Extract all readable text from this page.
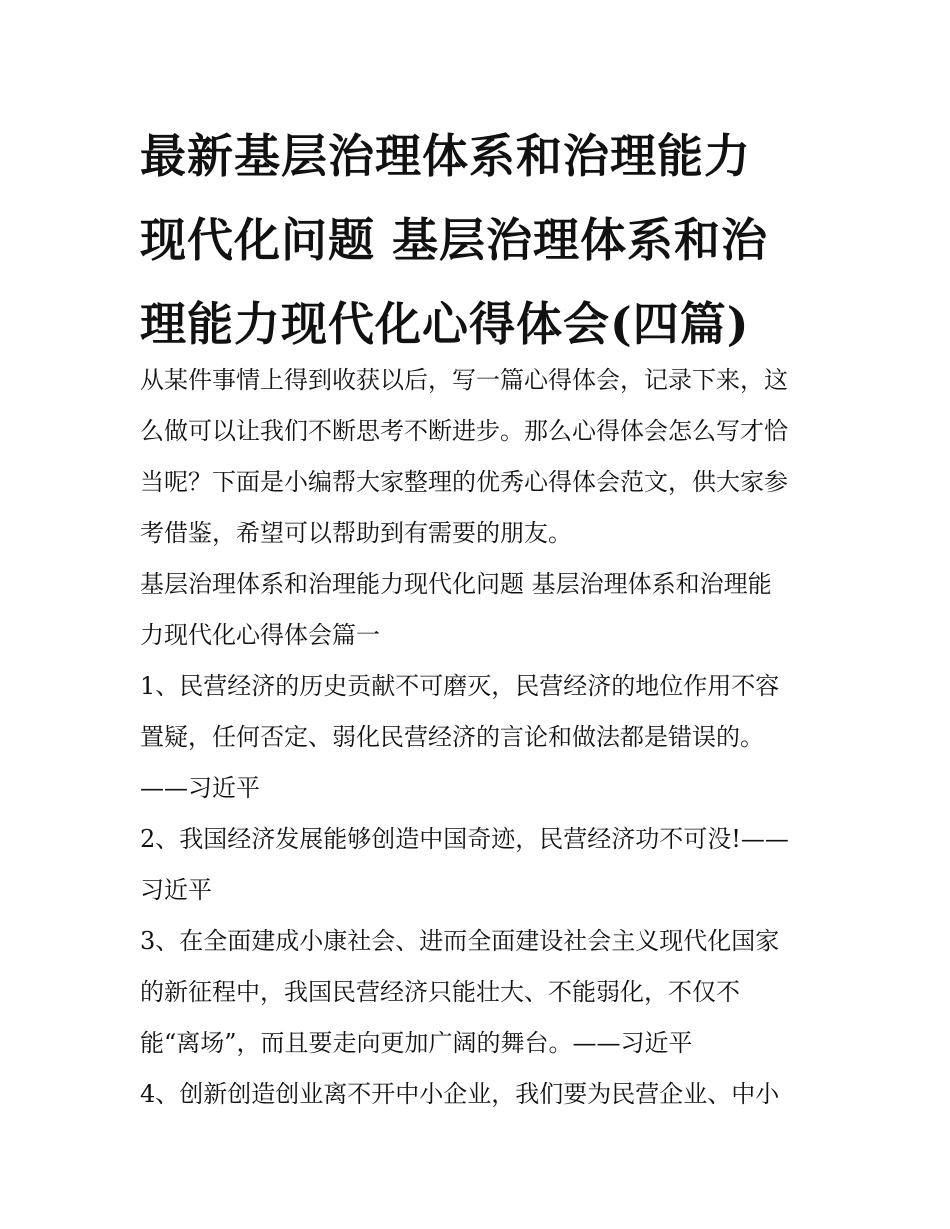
最新基层治理体系和治理能力
现代化问题 基层治理体系和治
理能力现代化心得体会(四篇)
从某件事情上得到收获以后，写一篇心得体会，记录下来，这
么做可以让我们不断思考不断进步。那么心得体会怎么写才恰
当呢？下面是小编帮大家整理的优秀心得体会范文，供大家参
考借鉴，希望可以帮助到有需要的朋友。
基层治理体系和治理能力现代化问题 基层治理体系和治理能
力现代化心得体会篇一
1、民营经济的历史贡献不可磨灭，民营经济的地位作用不容
置疑，任何否定、弱化民营经济的言论和做法都是错误的。
——习近平
2、我国经济发展能够创造中国奇迹，民营经济功不可没!——
习近平
3、在全面建成小康社会、进而全面建设社会主义现代化国家
的新征程中，我国民营经济只能壮大、不能弱化，不仅不
能“离场”，而且要走向更加广阔的舞台。——习近平
4、创新创造创业离不开中小企业，我们要为民营企业、中小
